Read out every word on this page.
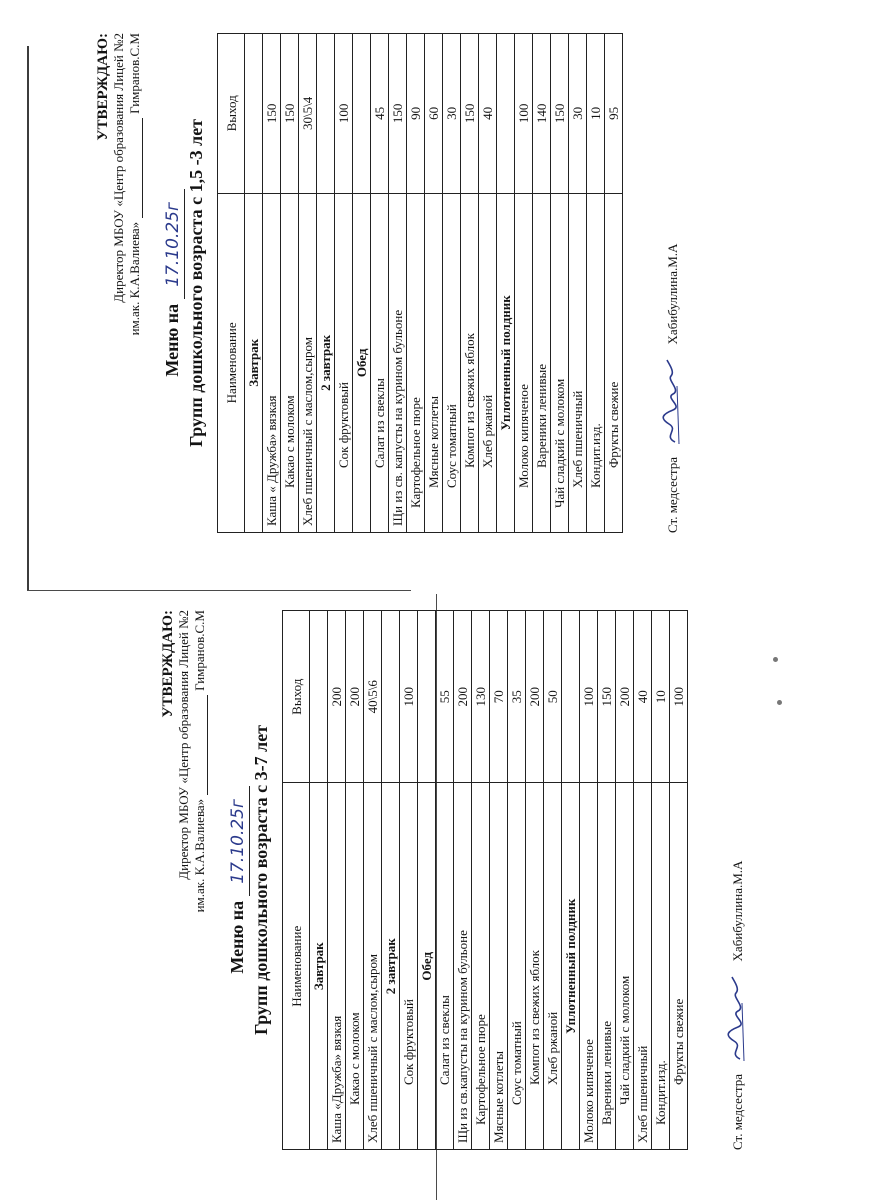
УТВЕРЖДАЮ: Директор МБОУ «Центр образования Лицей №2 им.ак. К.А.Валиева»Гимранов.С.М
Меню на 17.10.25г Групп дошкольного возраста с 1,5 -3 лет Наименование	Выход
Завтрак	
Каша « Дружба» вязкая	150
Какао с молоком	150
Хлеб пшеничный с маслом,сыром	30\5\4
2 завтрак	
Сок фруктовый	100
Обед	
Салат из свеклы	45
Щи из св. капусты на курином бульоне	150
Картофельное пюре	90
Мясные котлеты	60
Соус томатный	30
Компот из свежих яблок	150
Хлеб ржаной	40
Уплотненный полдник	
Молоко кипяченое	100
Вареники ленивые	140
Чай сладкий с молоком	150
Хлеб пшеничный	30
Кондит.изд.	10
Фрукты свежие	95
Ст. медсестра  Хабибуллина.М.А
УТВЕРЖДАЮ: Директор МБОУ «Центр образования Лицей №2 им.ак. К.А.Валиева»Гимранов.С.М
Меню на 17.10.25г Групп дошкольного возраста с 3-7 лет Наименование	Выход
Завтрак	
Каша «Дружба» вязкая	200
Какао с молоком	200
Хлеб пшеничный с маслом,сыром	40\5\6
2 завтрак	
Сок фруктовый	100
Обед	
Салат из свеклы	55
Щи из св.капусты на курином бульоне	200
Картофельное пюре	130
Мясные котлеты	70
Соус томатный	35
Компот из свежих яблок	200
Хлеб ржаной	50
Уплотненный полдник	
Молоко кипяченое	100
Вареники ленивые	150
Чай сладкий с молоком	200
Хлеб пшеничный	40
Кондит.изд.	10
Фрукты свежие	100
Ст. медсестра  Хабибуллина.М.А
